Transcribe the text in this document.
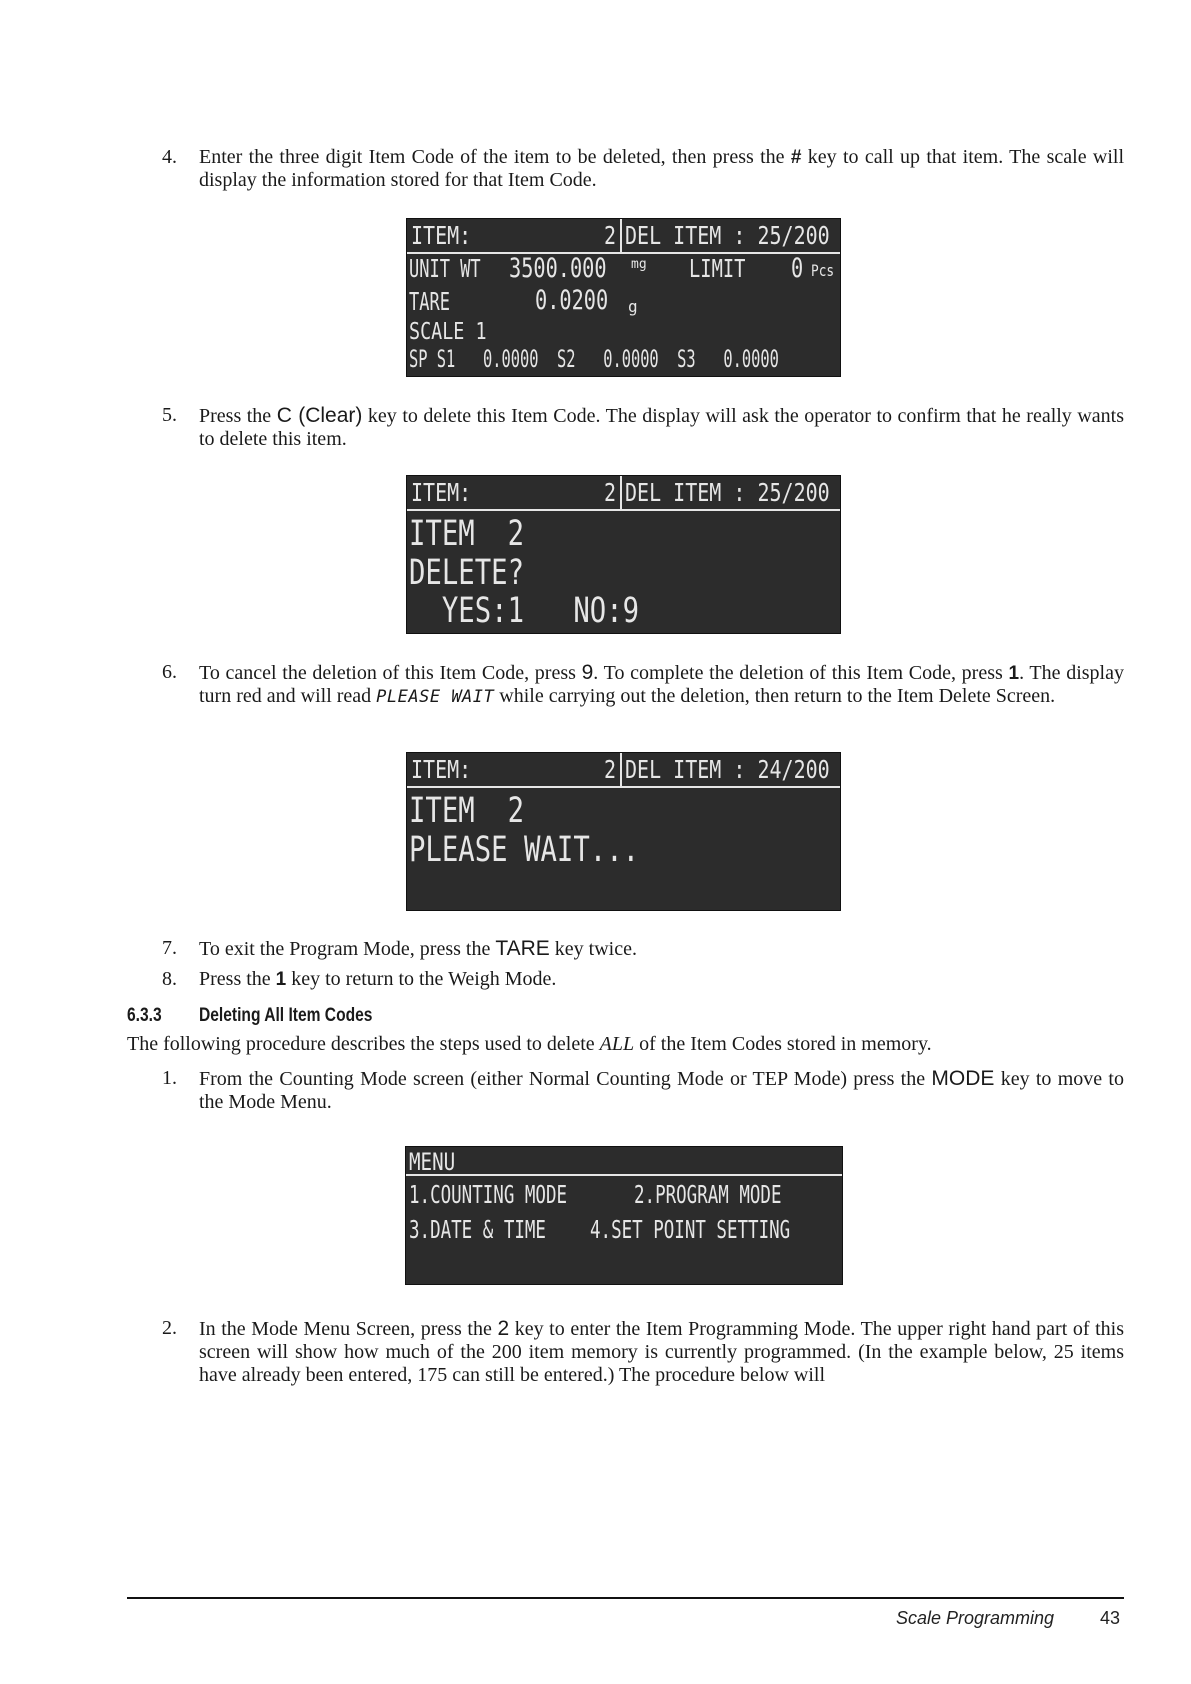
4. Enter the three digit Item Code of the item to be deleted, then press the # key to call up that item. The scale will display the information stored for that Item Code.
ITEM:	2 DEL ITEM : 25/200
UNIT WT 3500.000 mg LIMIT 0 Pcs
TARE	0.0200 g
SCALE 1
SP S1   0.0000  S2   0.0000  S3   0.0000
5. Press the C (Clear) key to delete this Item Code. The display will ask the operator to confirm that he really wants to delete this item.
ITEM:	2 DEL ITEM : 25/200
ITEM  2
DELETE?
YES:1   NO:9
6. To cancel the deletion of this Item Code, press 9. To complete the deletion of this Item Code, press 1. The display turn red and will read PLEASE WAIT while carrying out the deletion, then return to the Item Delete Screen.
ITEM:	2 DEL ITEM : 24/200
ITEM  2
PLEASE WAIT...
7. To exit the Program Mode, press the TARE key twice.
8. Press the 1 key to return to the Weigh Mode.
6.3.3 Deleting All Item Codes
The following procedure describes the steps used to delete ALL of the Item Codes stored in memory.
1. From the Counting Mode screen (either Normal Counting Mode or TEP Mode) press the MODE key to move to the Mode Menu.
MENU
1.COUNTING MODE	2.PROGRAM MODE
3.DATE & TIME 4.SET POINT SETTING
2. In the Mode Menu Screen, press the 2 key to enter the Item Programming Mode. The upper right hand part of this screen will show how much of the 200 item memory is currently programmed. (In the example below, 25 items have already been entered, 175 can still be entered.) The procedure below will
Scale Programming	43
